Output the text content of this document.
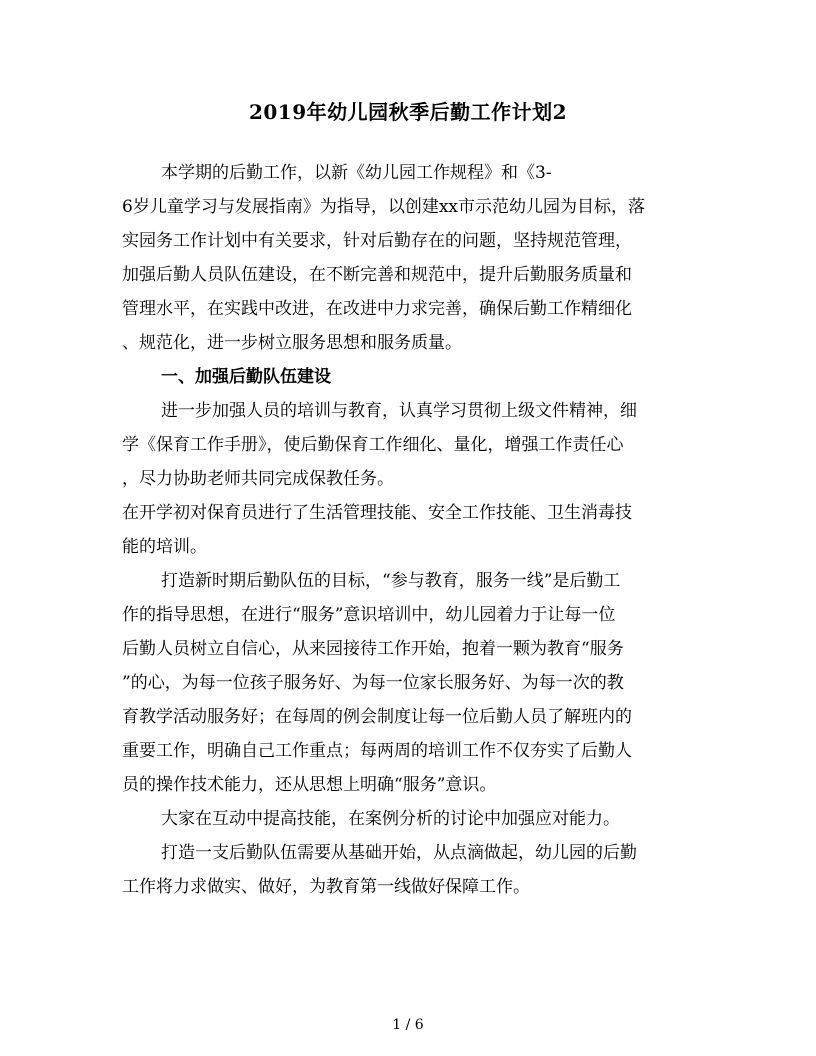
2019年幼儿园秋季后勤工作计划2
本学期的后勤工作，以新《幼儿园工作规程》和《3-
6岁儿童学习与发展指南》为指导，以创建xx市示范幼儿园为目标，落
实园务工作计划中有关要求，针对后勤存在的问题，坚持规范管理，
加强后勤人员队伍建设，在不断完善和规范中，提升后勤服务质量和
管理水平，在实践中改进，在改进中力求完善，确保后勤工作精细化
、规范化，进一步树立服务思想和服务质量。
一、加强后勤队伍建设
进一步加强人员的培训与教育，认真学习贯彻上级文件精神，细
学《保育工作手册》，使后勤保育工作细化、量化，增强工作责任心
，尽力协助老师共同完成保教任务。
在开学初对保育员进行了生活管理技能、安全工作技能、卫生消毒技
能的培训。
打造新时期后勤队伍的目标，“参与教育，服务一线”是后勤工
作的指导思想，在进行“服务”意识培训中，幼儿园着力于让每一位
后勤人员树立自信心，从来园接待工作开始，抱着一颗为教育“服务
”的心，为每一位孩子服务好、为每一位家长服务好、为每一次的教
育教学活动服务好；在每周的例会制度让每一位后勤人员了解班内的
重要工作，明确自己工作重点；每两周的培训工作不仅夯实了后勤人
员的操作技术能力，还从思想上明确“服务”意识。
大家在互动中提高技能，在案例分析的讨论中加强应对能力。
打造一支后勤队伍需要从基础开始，从点滴做起，幼儿园的后勤
工作将力求做实、做好，为教育第一线做好保障工作。
1 / 6
